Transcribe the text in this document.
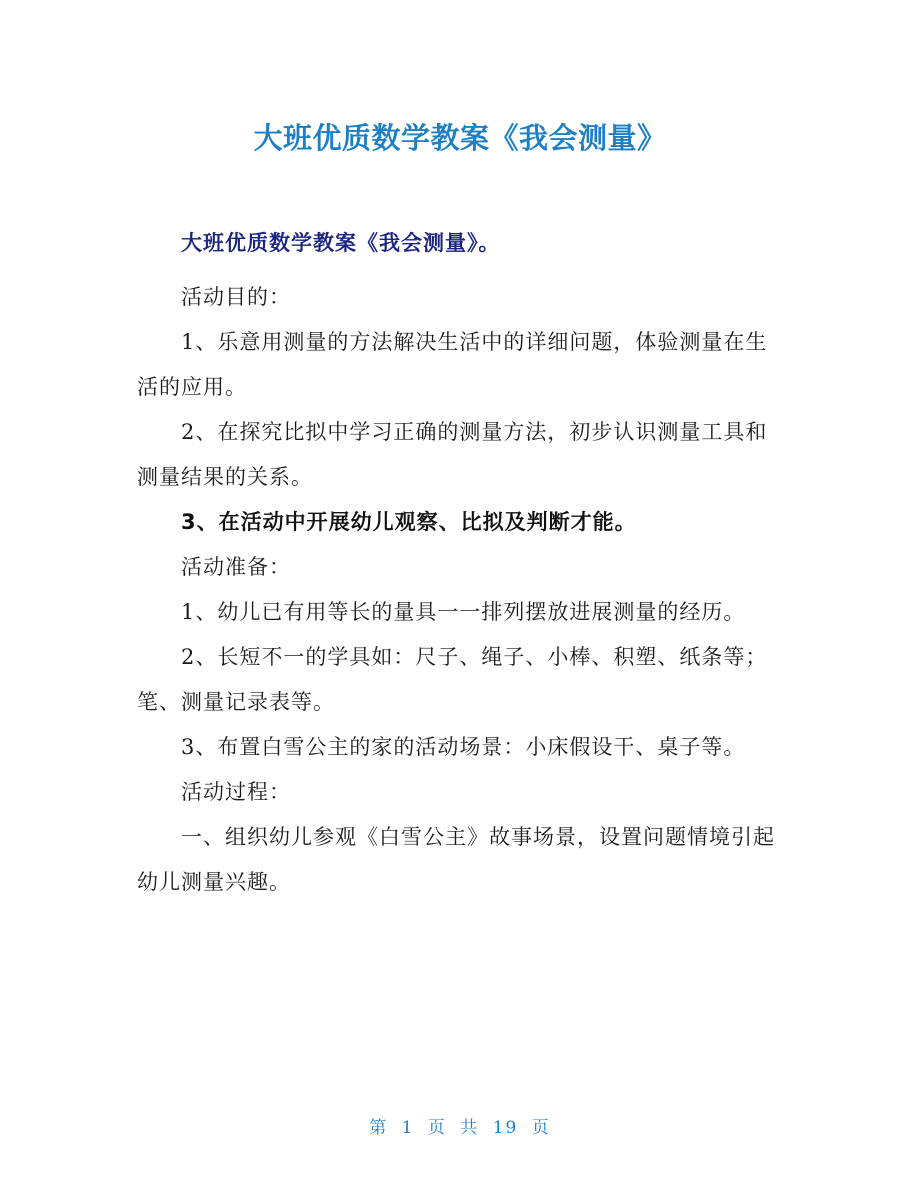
大班优质数学教案《我会测量》

大班优质数学教案《我会测量》。

活动目的：

1、乐意用测量的方法解决生活中的详细问题，体验测量在生活的应用。

2、在探究比拟中学习正确的测量方法，初步认识测量工具和测量结果的关系。

3、在活动中开展幼儿观察、比拟及判断才能。

活动准备：

1、幼儿已有用等长的量具一一排列摆放进展测量的经历。

2、长短不一的学具如：尺子、绳子、小棒、积塑、纸条等；笔、测量记录表等。

3、布置白雪公主的家的活动场景：小床假设干、桌子等。

活动过程：

一、组织幼儿参观《白雪公主》故事场景，设置问题情境引起幼儿测量兴趣。

第 1 页 共 19 页
